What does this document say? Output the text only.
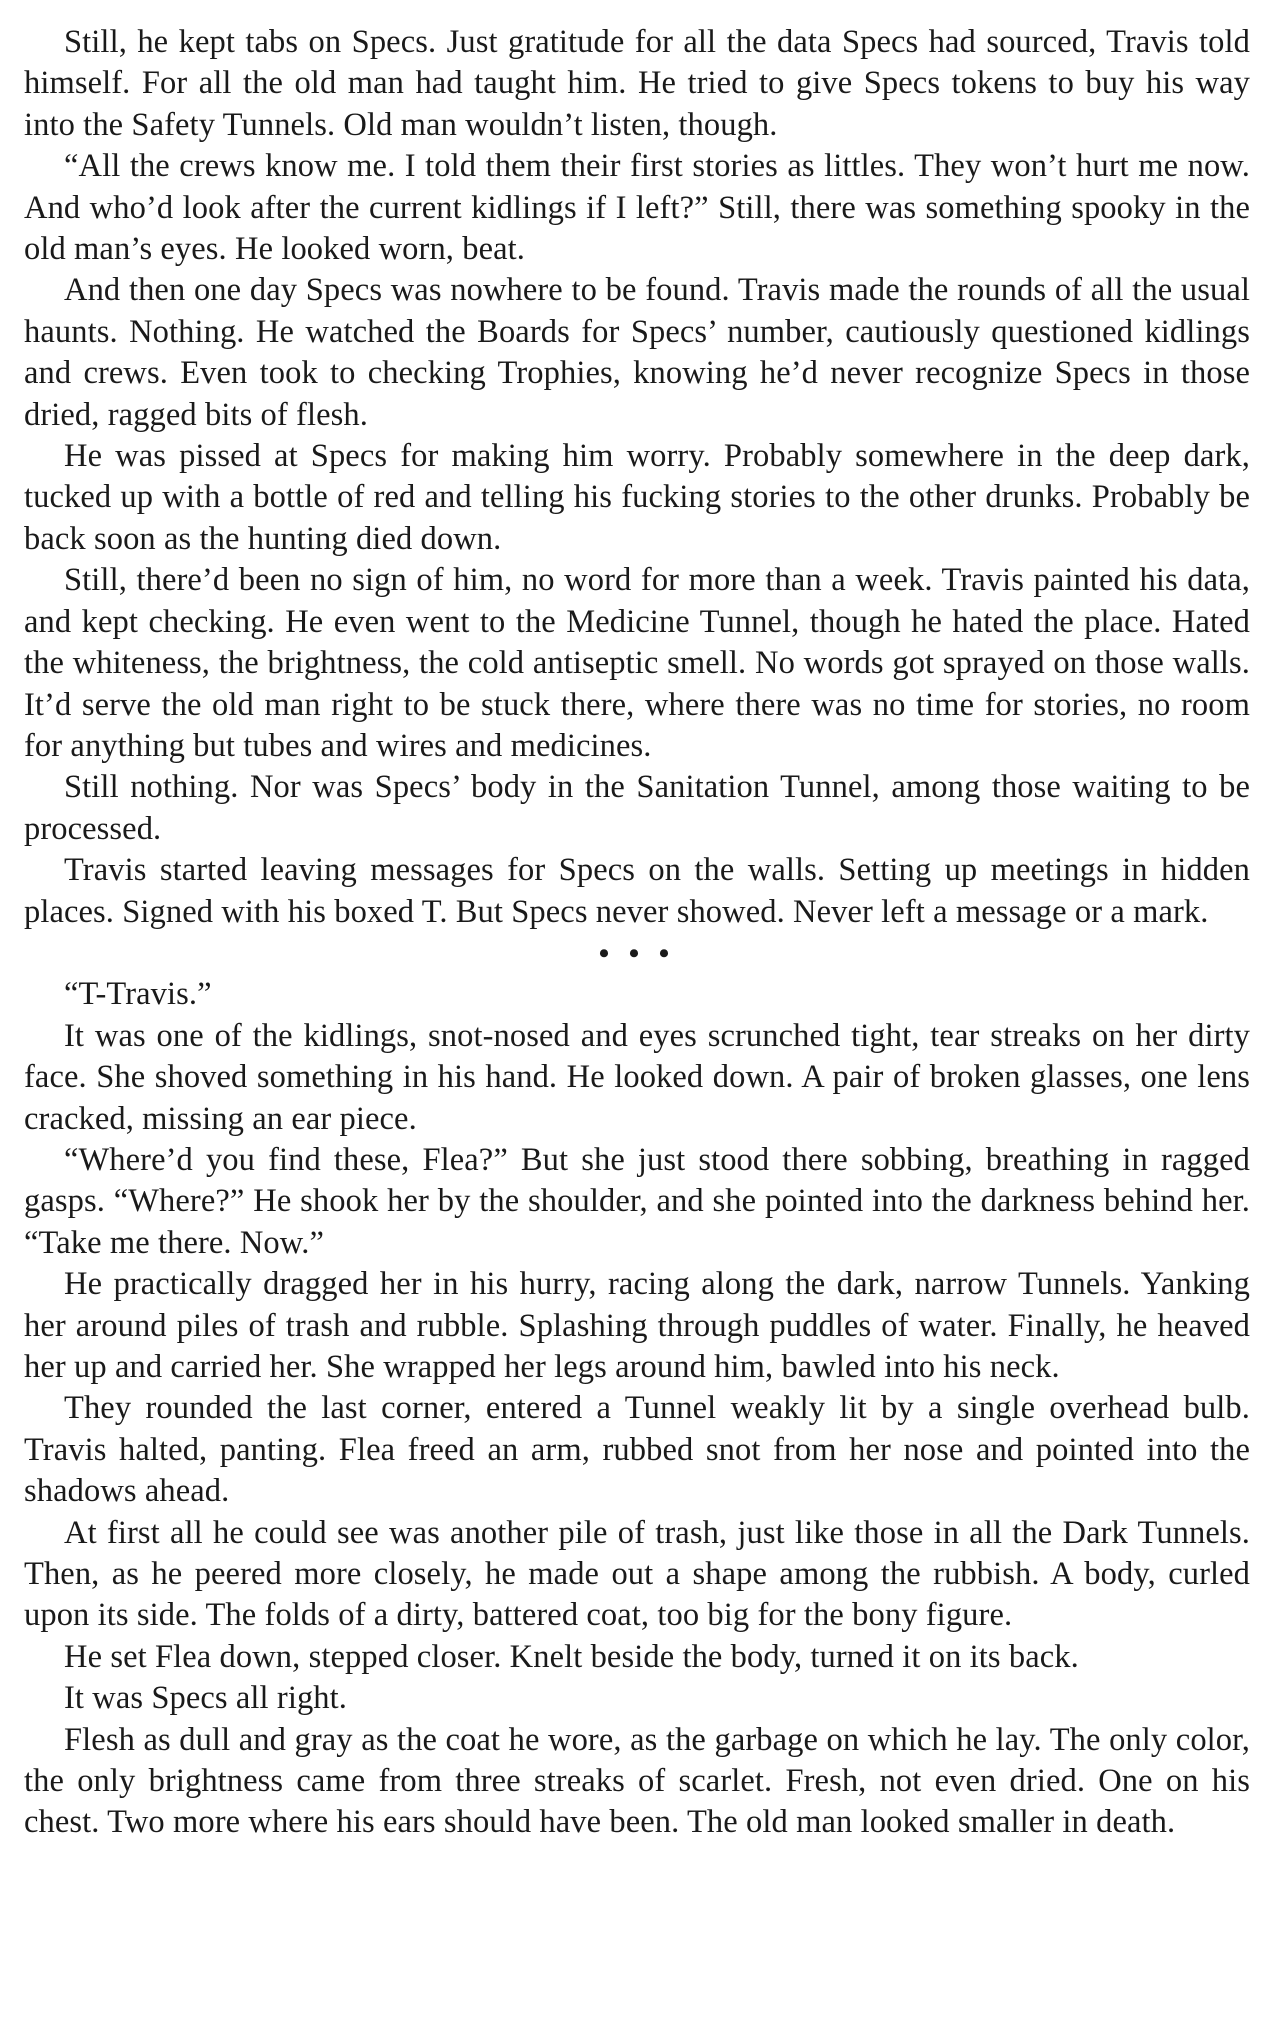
Still, he kept tabs on Specs. Just gratitude for all the data Specs had sourced, Travis told himself. For all the old man had taught him. He tried to give Specs tokens to buy his way into the Safety Tunnels. Old man wouldn’t listen, though.

“All the crews know me. I told them their first stories as littles. They won’t hurt me now. And who’d look after the current kidlings if I left?” Still, there was something spooky in the old man’s eyes. He looked worn, beat.

And then one day Specs was nowhere to be found. Travis made the rounds of all the usual haunts. Nothing. He watched the Boards for Specs’ number, cautiously questioned kidlings and crews. Even took to checking Trophies, knowing he’d never recognize Specs in those dried, ragged bits of flesh.

He was pissed at Specs for making him worry. Probably somewhere in the deep dark, tucked up with a bottle of red and telling his fucking stories to the other drunks. Probably be back soon as the hunting died down.

Still, there’d been no sign of him, no word for more than a week. Travis painted his data, and kept checking. He even went to the Medicine Tunnel, though he hated the place. Hated the whiteness, the brightness, the cold antiseptic smell. No words got sprayed on those walls. It’d serve the old man right to be stuck there, where there was no time for stories, no room for anything but tubes and wires and medicines.

Still nothing. Nor was Specs’ body in the Sanitation Tunnel, among those waiting to be processed.

Travis started leaving messages for Specs on the walls. Setting up meetings in hidden places. Signed with his boxed T. But Specs never showed. Never left a message or a mark.

• • •

“T-Travis.”

It was one of the kidlings, snot-nosed and eyes scrunched tight, tear streaks on her dirty face. She shoved something in his hand. He looked down. A pair of broken glasses, one lens cracked, missing an ear piece.

“Where’d you find these, Flea?” But she just stood there sobbing, breathing in ragged gasps. “Where?” He shook her by the shoulder, and she pointed into the darkness behind her. “Take me there. Now.”

He practically dragged her in his hurry, racing along the dark, narrow Tunnels. Yanking her around piles of trash and rubble. Splashing through puddles of water. Finally, he heaved her up and carried her. She wrapped her legs around him, bawled into his neck.

They rounded the last corner, entered a Tunnel weakly lit by a single overhead bulb. Travis halted, panting. Flea freed an arm, rubbed snot from her nose and pointed into the shadows ahead.

At first all he could see was another pile of trash, just like those in all the Dark Tunnels. Then, as he peered more closely, he made out a shape among the rubbish. A body, curled upon its side. The folds of a dirty, battered coat, too big for the bony figure.

He set Flea down, stepped closer. Knelt beside the body, turned it on its back.

It was Specs all right.

Flesh as dull and gray as the coat he wore, as the garbage on which he lay. The only color, the only brightness came from three streaks of scarlet. Fresh, not even dried. One on his chest. Two more where his ears should have been. The old man looked smaller in death.
